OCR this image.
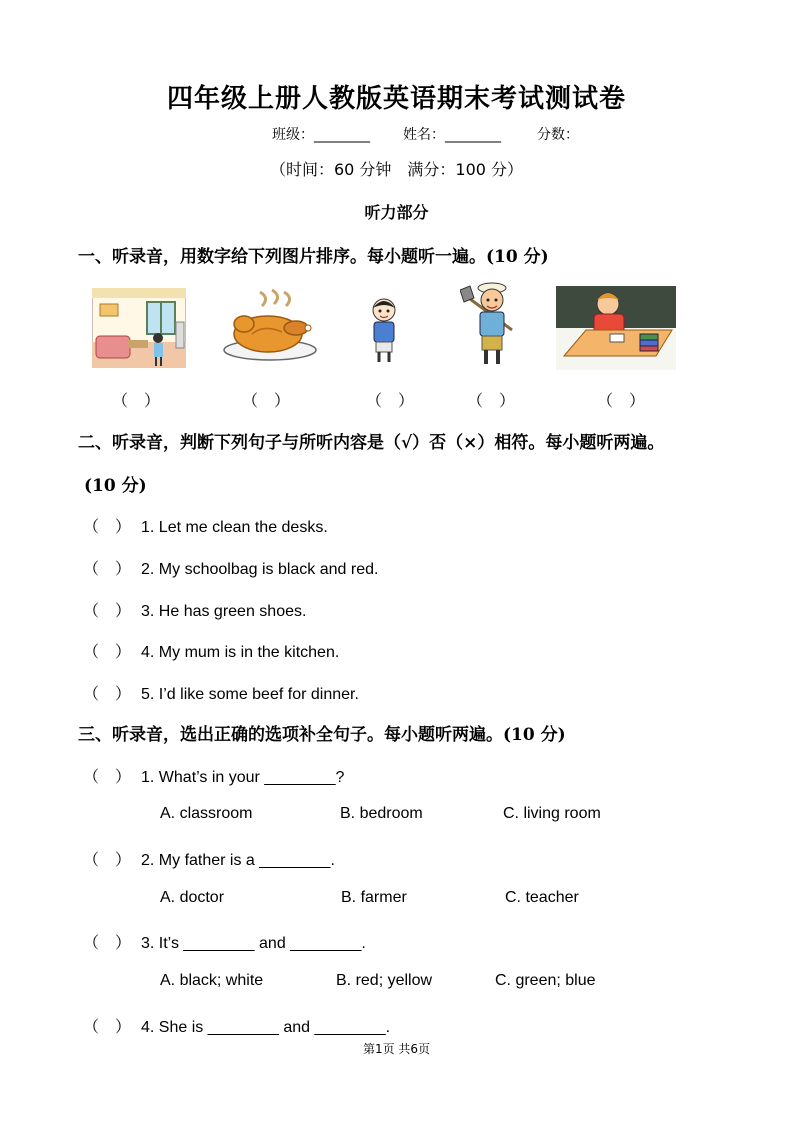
四年级上册人教版英语期末考试测试卷
班级：________ 姓名：________	分数：
（时间：60 分钟　满分：100 分）
听力部分
一、听录音，用数字给下列图片排序。每小题听一遍。(10 分)
（　）	（　）	（　）	（　）	（　）
二、听录音，判断下列句子与所听内容是（√）否（×）相符。每小题听两遍。
(10 分)
（　） 1. Let me clean the desks.
（　） 2. My schoolbag is black and red.
（　） 3. He has green shoes.
（　） 4. My mum is in the kitchen.
（　） 5. I’d like some beef for dinner.
三、听录音，选出正确的选项补全句子。每小题听两遍。(10 分)
（　） 1. What’s in your ________?
A. classroom	B. bedroom	C. living room
（　） 2. My father is a ________.
A. doctor	B. farmer	C. teacher
（　） 3. It’s ________ and ________.
A. black; white	B. red; yellow	C. green; blue
（　） 4. She is ________ and ________.
第1页 共6页
